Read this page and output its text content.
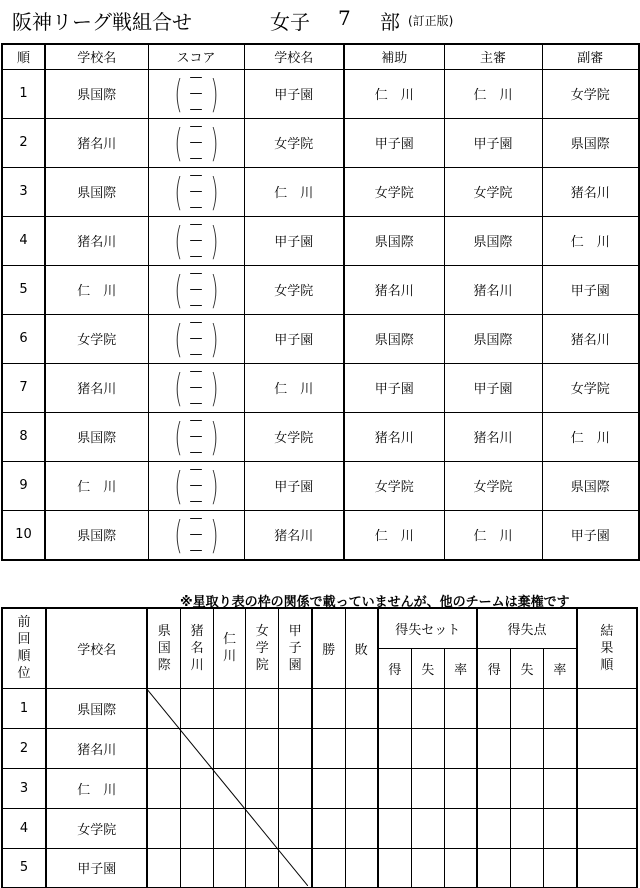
阪神リーグ戦組合せ	女子 7 部 (訂正版)
順	学校名	スコア	学校名	補助	主審	副審
1	県国際	( —
—
— )	甲子園	仁　川	仁　川	女学院
2	猪名川	( —
—
— )	女学院	甲子園	甲子園	県国際
3	県国際	( —
—
— )	仁　川	女学院	女学院	猪名川
4	猪名川	( —
—
— )	甲子園	県国際	県国際	仁　川
5	仁　川	( —
—
— )	女学院	猪名川	猪名川	甲子園
6	女学院	( —
—
— )	甲子園	県国際	県国際	猪名川
7	猪名川	( —
—
— )	仁　川	甲子園	甲子園	女学院
8	県国際	( —
—
— )	女学院	猪名川	猪名川	仁　川
9	仁　川	( —
—
— )	甲子園	女学院	女学院	県国際
10	県国際	( —
—
— )	猪名川	仁　川	仁　川	甲子園
※星取り表の枠の関係で載っていませんが、他のチームは棄権です
前
回
順
位	学校名	県
国
際	猪
名
川	仁
川	女
学
院	甲
子
園	勝	敗	得失セット			得失点			結
果
順

									得	失	率	得	失	率	
1	県国際														
2	猪名川														
3	仁　川														
4	女学院														
5	甲子園														
